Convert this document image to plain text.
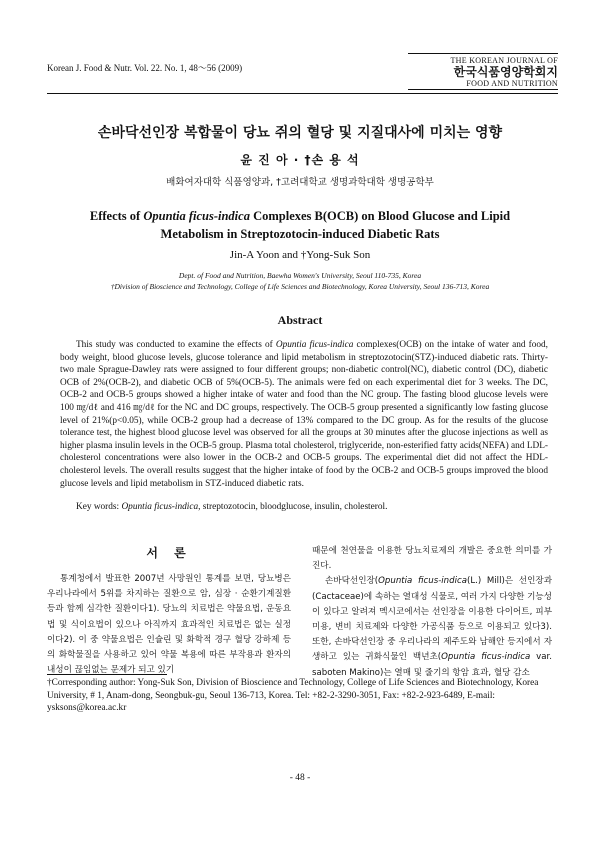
Korean J. Food & Nutr. Vol. 22. No. 1, 48～56 (2009)
THE KOREAN JOURNAL OF
한국식품영양학회지
FOOD AND NUTRITION
손바닥선인장 복합물이 당뇨 쥐의 혈당 및 지질대사에 미치는 영향
윤 진 아 · †손 용 석
배화여자대학 식품영양과, †고려대학교 생명과학대학 생명공학부
Effects of Opuntia ficus-indica Complexes B(OCB) on Blood Glucose and Lipid Metabolism in Streptozotocin-induced Diabetic Rats
Jin-A Yoon and †Yong-Suk Son
Dept. of Food and Nutrition, Baewha Women's University, Seoul 110-735, Korea
†Division of Bioscience and Technology, College of Life Sciences and Biotechnology, Korea University, Seoul 136-713, Korea
Abstract

This study was conducted to examine the effects of Opuntia ficus-indica complexes(OCB) on the intake of water and food, body weight, blood glucose levels, glucose tolerance and lipid metabolism in streptozotocin(STZ)-induced diabetic rats. Thirty-two male Sprague-Dawley rats were assigned to four different groups; non-diabetic control(NC), diabetic control (DC), diabetic OCB of 2%(OCB-2), and diabetic OCB of 5%(OCB-5). The animals were fed on each experimental diet for 3 weeks. The DC, OCB-2 and OCB-5 groups showed a higher intake of water and food than the NC group. The fasting blood glucose levels were 100 ㎎/dℓ and 416 ㎎/dℓ for the NC and DC groups, respectively. The OCB-5 group presented a significantly low fasting glucose level of 21%(p<0.05), while OCB-2 group had a decrease of 13% compared to the DC group. As for the results of the glucose tolerance test, the highest blood glucose level was observed for all the groups at 30 minutes after the glucose injections as well as higher plasma insulin levels in the OCB-5 group. Plasma total cholesterol, triglyceride, non-esterified fatty acids(NEFA) and LDL-cholesterol concentrations were also lower in the OCB-2 and OCB-5 groups. The experimental diet did not affect the HDL-cholesterol levels. The overall results suggest that the higher intake of food by the OCB-2 and OCB-5 groups improved the blood glucose levels and lipid metabolism in STZ-induced diabetic rats.

Key words: Opuntia ficus-indica, streptozotocin, bloodglucose, insulin, cholesterol.
서 론

통계청에서 발표한 2007년 사망원인 통계를 보면, 당뇨병은 우리나라에서 5위를 차지하는 질환으로 암, 심장 · 순환기계질환 등과 함께 심각한 질환이다1). 당뇨의 치료법은 약물요법, 운동요법 및 식이요법이 있으나 아직까지 효과적인 치료법은 없는 실정이다2). 이 중 약물요법은 인슐린 및 화학적 경구 혈당 강하제 등의 화학물질을 사용하고 있어 약물 복용에 따른 부작용과 환자의 내성이 끊임없는 문제가 되고 있기

때문에 천연물을 이용한 당뇨치료제의 개발은 중요한 의미를 가진다.
손바닥선인장(Opuntia ficus-indica(L.) Mill)은 선인장과(Cactaceae)에 속하는 열대성 식물로, 여러 가지 다양한 기능성이 있다고 알려져 멕시코에서는 선인장을 이용한 다이어트, 피부 미용, 변비 치료제와 다양한 가공식품 등으로 이용되고 있다3). 또한, 손바닥선인장 중 우리나라의 제주도와 남해안 등지에서 자생하고 있는 귀화식물인 백년초(Opuntia ficus-indica var. saboten Makino)는 열매 및 줄기의 항암 효과, 혈당 감소

†Corresponding author: Yong-Suk Son, Division of Bioscience and Technology, College of Life Sciences and Biotechnology, Korea University, # 1, Anam-dong, Seongbuk-gu, Seoul 136-713, Korea. Tel: +82-2-3290-3051, Fax: +82-2-923-6489, E-mail: ysksons@korea.ac.kr

- 48 -
